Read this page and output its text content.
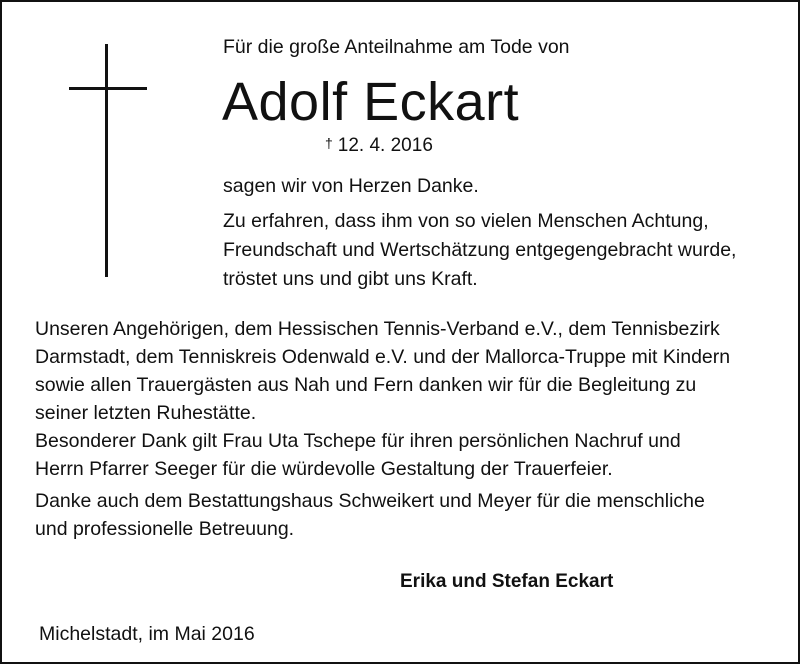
Für die große Anteilnahme am Tode von
Adolf Eckart
† 12. 4. 2016
sagen wir von Herzen Danke.
Zu erfahren, dass ihm von so vielen Menschen Achtung,
Freundschaft und Wertschätzung entgegengebracht wurde,
tröstet uns und gibt uns Kraft.
Unseren Angehörigen, dem Hessischen Tennis-Verband e.V., dem Tennisbezirk
Darmstadt, dem Tenniskreis Odenwald e.V. und der Mallorca-Truppe mit Kindern
sowie allen Trauergästen aus Nah und Fern danken wir für die Begleitung zu
seiner letzten Ruhestätte.
Besonderer Dank gilt Frau Uta Tschepe für ihren persönlichen Nachruf und
Herrn Pfarrer Seeger für die würdevolle Gestaltung der Trauerfeier.
Danke auch dem Bestattungshaus Schweikert und Meyer für die menschliche
und professionelle Betreuung.
Erika und Stefan Eckart
Michelstadt, im Mai 2016
